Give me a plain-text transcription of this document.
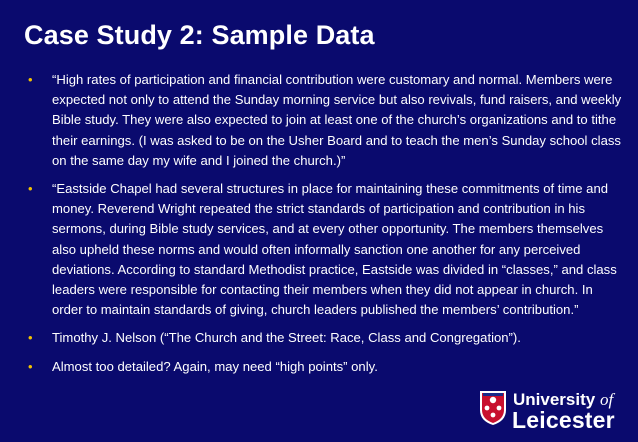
Case Study 2: Sample Data
• “High rates of participation and financial contribution were customary and normal. Members were expected not only to attend the Sunday morning service but also revivals, fund raisers, and weekly Bible study. They were also expected to join at least one of the church’s organizations and to tithe their earnings. (I was asked to be on the Usher Board and to teach the men’s Sunday school class on the same day my wife and I joined the church.)”
• “Eastside Chapel had several structures in place for maintaining these commitments of time and money. Reverend Wright repeated the strict standards of participation and contribution in his sermons, during Bible study services, and at every other opportunity. The members themselves also upheld these norms and would often informally sanction one another for any perceived deviations. According to standard Methodist practice, Eastside was divided in “classes,” and class leaders were responsible for contacting their members when they did not appear in church. In order to maintain standards of giving, church leaders published the members’ contribution.”
• Timothy J. Nelson (“The Church and the Street: Race, Class and Congregation”).
• Almost too detailed? Again, may need “high points” only.
University of
Leicester
